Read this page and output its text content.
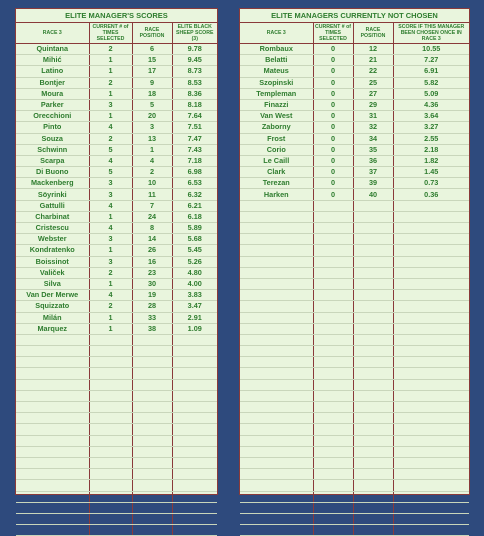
ELITE MANAGER'S SCORES
RACE 3	CURRENT # of TIMES SELECTED	RACE POSITION	ELITE BLACK SHEEP SCORE (3)
Quintana	2	6	9.78
Mihić	1	15	9.45
Latino	1	17	8.73
Bontjer	2	9	8.53
Moura	1	18	8.36
Parker	3	5	8.18
Orecchioni	1	20	7.64
Pinto	4	3	7.51
Souza	2	13	7.47
Schwinn	5	1	7.43
Scarpa	4	4	7.18
Di Buono	5	2	6.98
Mackenberg	3	10	6.53
Söyrinki	3	11	6.32
Gattulli	4	7	6.21
Charbinat	1	24	6.18
Cristescu	4	8	5.89
Webster	3	14	5.68
Kondratenko	1	26	5.45
Boissinot	3	16	5.26
Valiček	2	23	4.80
Silva	1	30	4.00
Van Der Merwe	4	19	3.83
Squizzato	2	28	3.47
Milán	1	33	2.91
Marquez	1	38	1.09

ELITE MANAGERS CURRENTLY NOT CHOSEN
RACE 3	CURRENT # of TIMES SELECTED	RACE POSITION	SCORE IF THIS MANAGER BEEN CHOSEN ONCE IN RACE 3
Rombaux	0	12	10.55
Belatti	0	21	7.27
Mateus	0	22	6.91
Szopinski	0	25	5.82
Templeman	0	27	5.09
Finazzi	0	29	4.36
Van West	0	31	3.64
Zaborny	0	32	3.27
Frost	0	34	2.55
Corio	0	35	2.18
Le Caill	0	36	1.82
Clark	0	37	1.45
Terezan	0	39	0.73
Harken	0	40	0.36
